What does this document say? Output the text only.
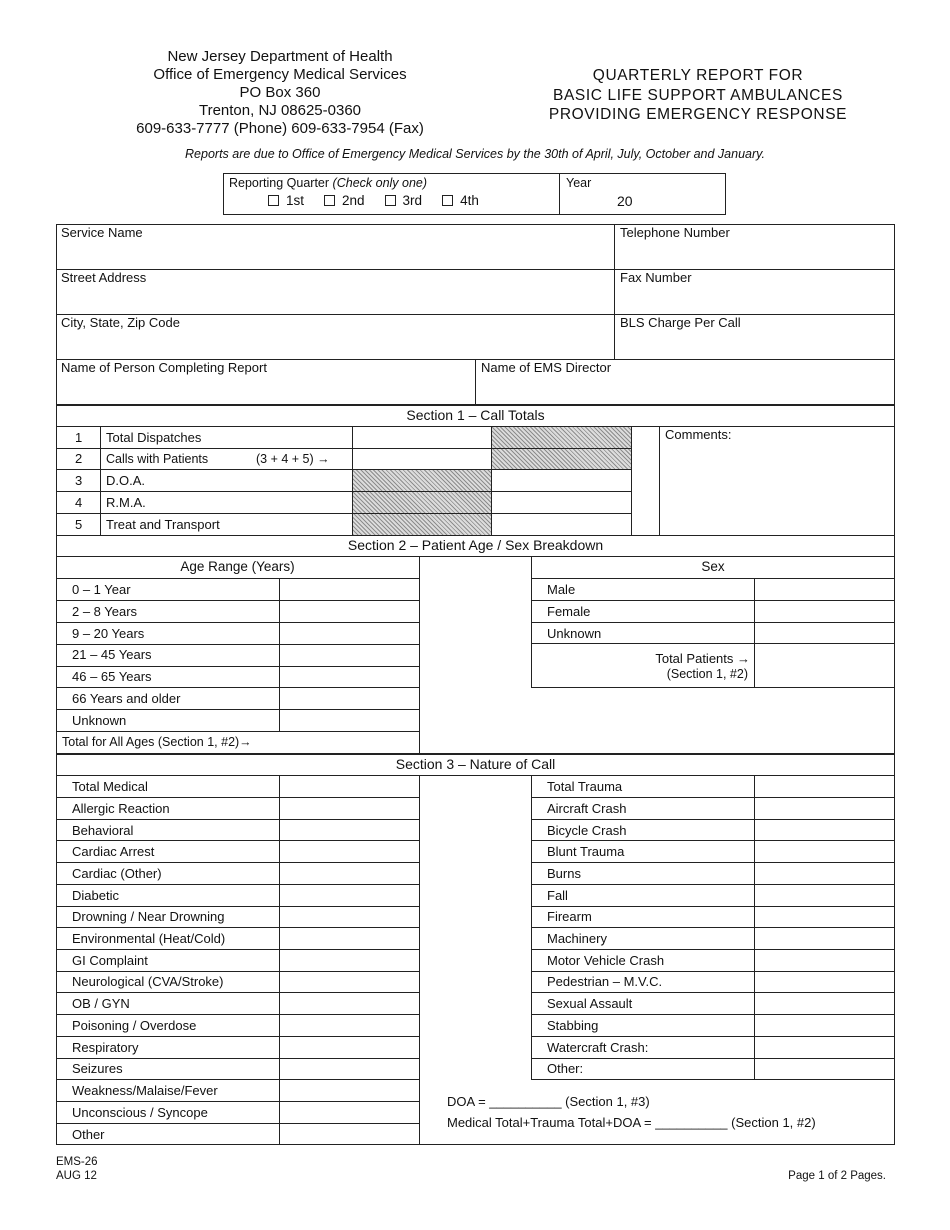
New Jersey Department of Health
Office of Emergency Medical Services
PO Box 360
Trenton, NJ 08625-0360
609-633-7777 (Phone) 609-633-7954 (Fax)
QUARTERLY REPORT FOR
BASIC LIFE SUPPORT AMBULANCES
PROVIDING EMERGENCY RESPONSE
Reports are due to Office of Emergency Medical Services by the 30th of April, July, October and January.
Reporting Quarter (Check only one)
1st	2nd	3rd	4th
Year
20
Service Name	Telephone Number
Street Address	Fax Number
City, State, Zip Code	BLS Charge Per Call
Name of Person Completing Report	Name of EMS Director
Section 1 – Call Totals
Comments:
1 Total Dispatches
2 Calls with Patients	(3 + 4 + 5) →
3 D.O.A.
4 R.M.A.
5 Treat and Transport
Section 2 – Patient Age / Sex Breakdown
Age Range (Years)
0 – 1 Year
2 – 8 Years
9 – 20 Years
21 – 45 Years
46 – 65 Years
66 Years and older
Unknown
Total for All Ages (Section 1, #2)→
Sex
Male
Female
Unknown
Total Patients →
(Section 1, #2)
Section 3 – Nature of Call
Total Medical
Allergic Reaction
Behavioral
Cardiac Arrest
Cardiac (Other)
Diabetic
Drowning / Near Drowning
Environmental (Heat/Cold)
GI Complaint
Neurological (CVA/Stroke)
OB / GYN
Poisoning / Overdose
Respiratory
Seizures
Weakness/Malaise/Fever
Unconscious / Syncope
Other
Total Trauma
Aircraft Crash
Bicycle Crash
Blunt Trauma
Burns
Fall
Firearm
Machinery
Motor Vehicle Crash
Pedestrian – M.V.C.
Sexual Assault
Stabbing
Watercraft Crash:
Other:
DOA = __________ (Section 1, #3)
Medical Total+Trauma Total+DOA = __________ (Section 1, #2)
EMS-26
AUG 12	Page 1 of 2 Pages.
